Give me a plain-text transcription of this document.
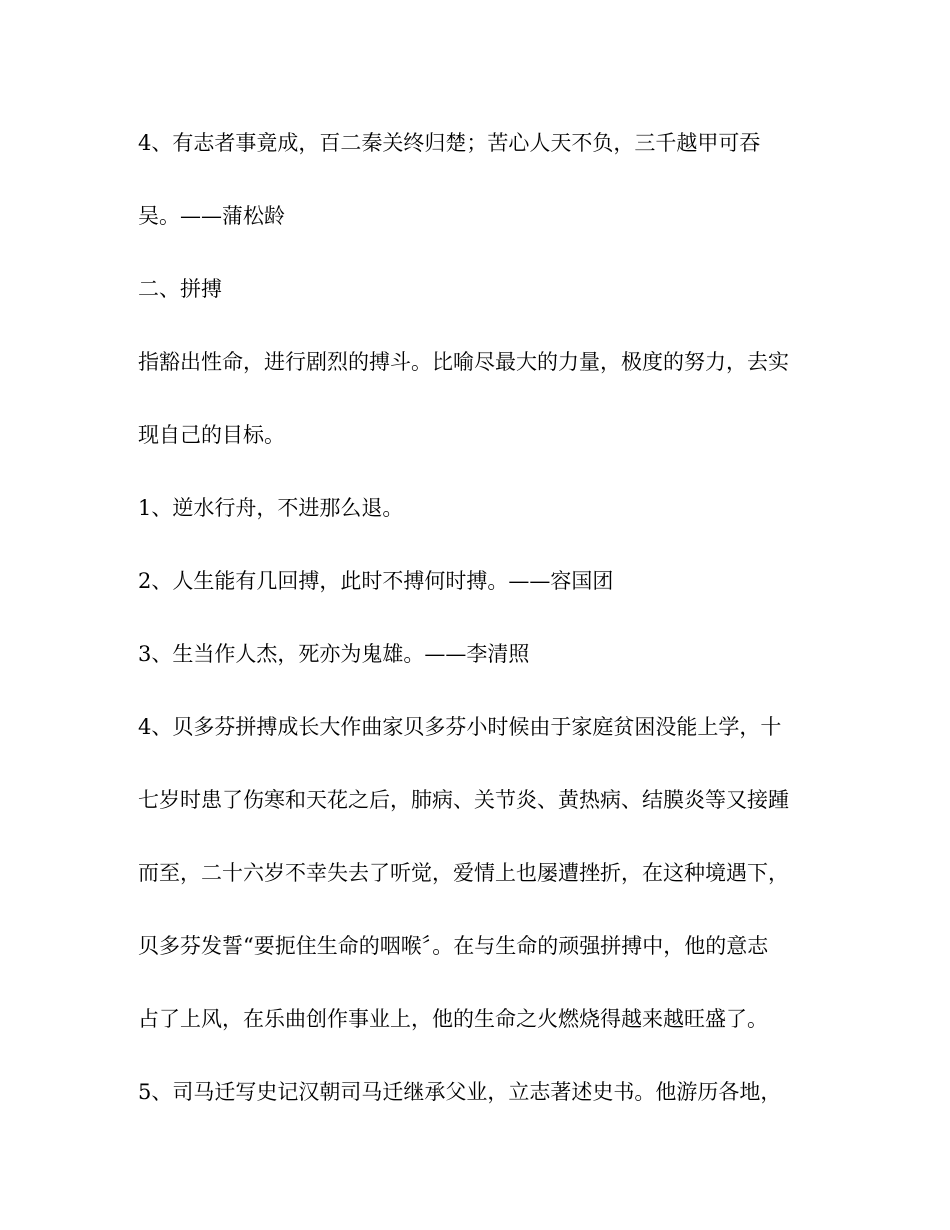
4、有志者事竟成，百二秦关终归楚；苦心人天不负，三千越甲可吞

吴。——蒲松龄

二、拼搏

指豁出性命，进行剧烈的搏斗。比喻尽最大的力量，极度的努力，去实

现自己的目标。

1、逆水行舟，不进那么退。

2、人生能有几回搏，此时不搏何时搏。——容国团

3、生当作人杰，死亦为鬼雄。——李清照

4、贝多芬拼搏成长大作曲家贝多芬小时候由于家庭贫困没能上学，十

七岁时患了伤寒和天花之后，肺病、关节炎、黄热病、结膜炎等又接踵

而至，二十六岁不幸失去了听觉，爱情上也屡遭挫折，在这种境遇下，

贝多芬发誓“要扼住生命的咽喉〞。在与生命的顽强拼搏中，他的意志

占了上风，在乐曲创作事业上，他的生命之火燃烧得越来越旺盛了。

5、司马迁写史记汉朝司马迁继承父业，立志著述史书。他游历各地，
